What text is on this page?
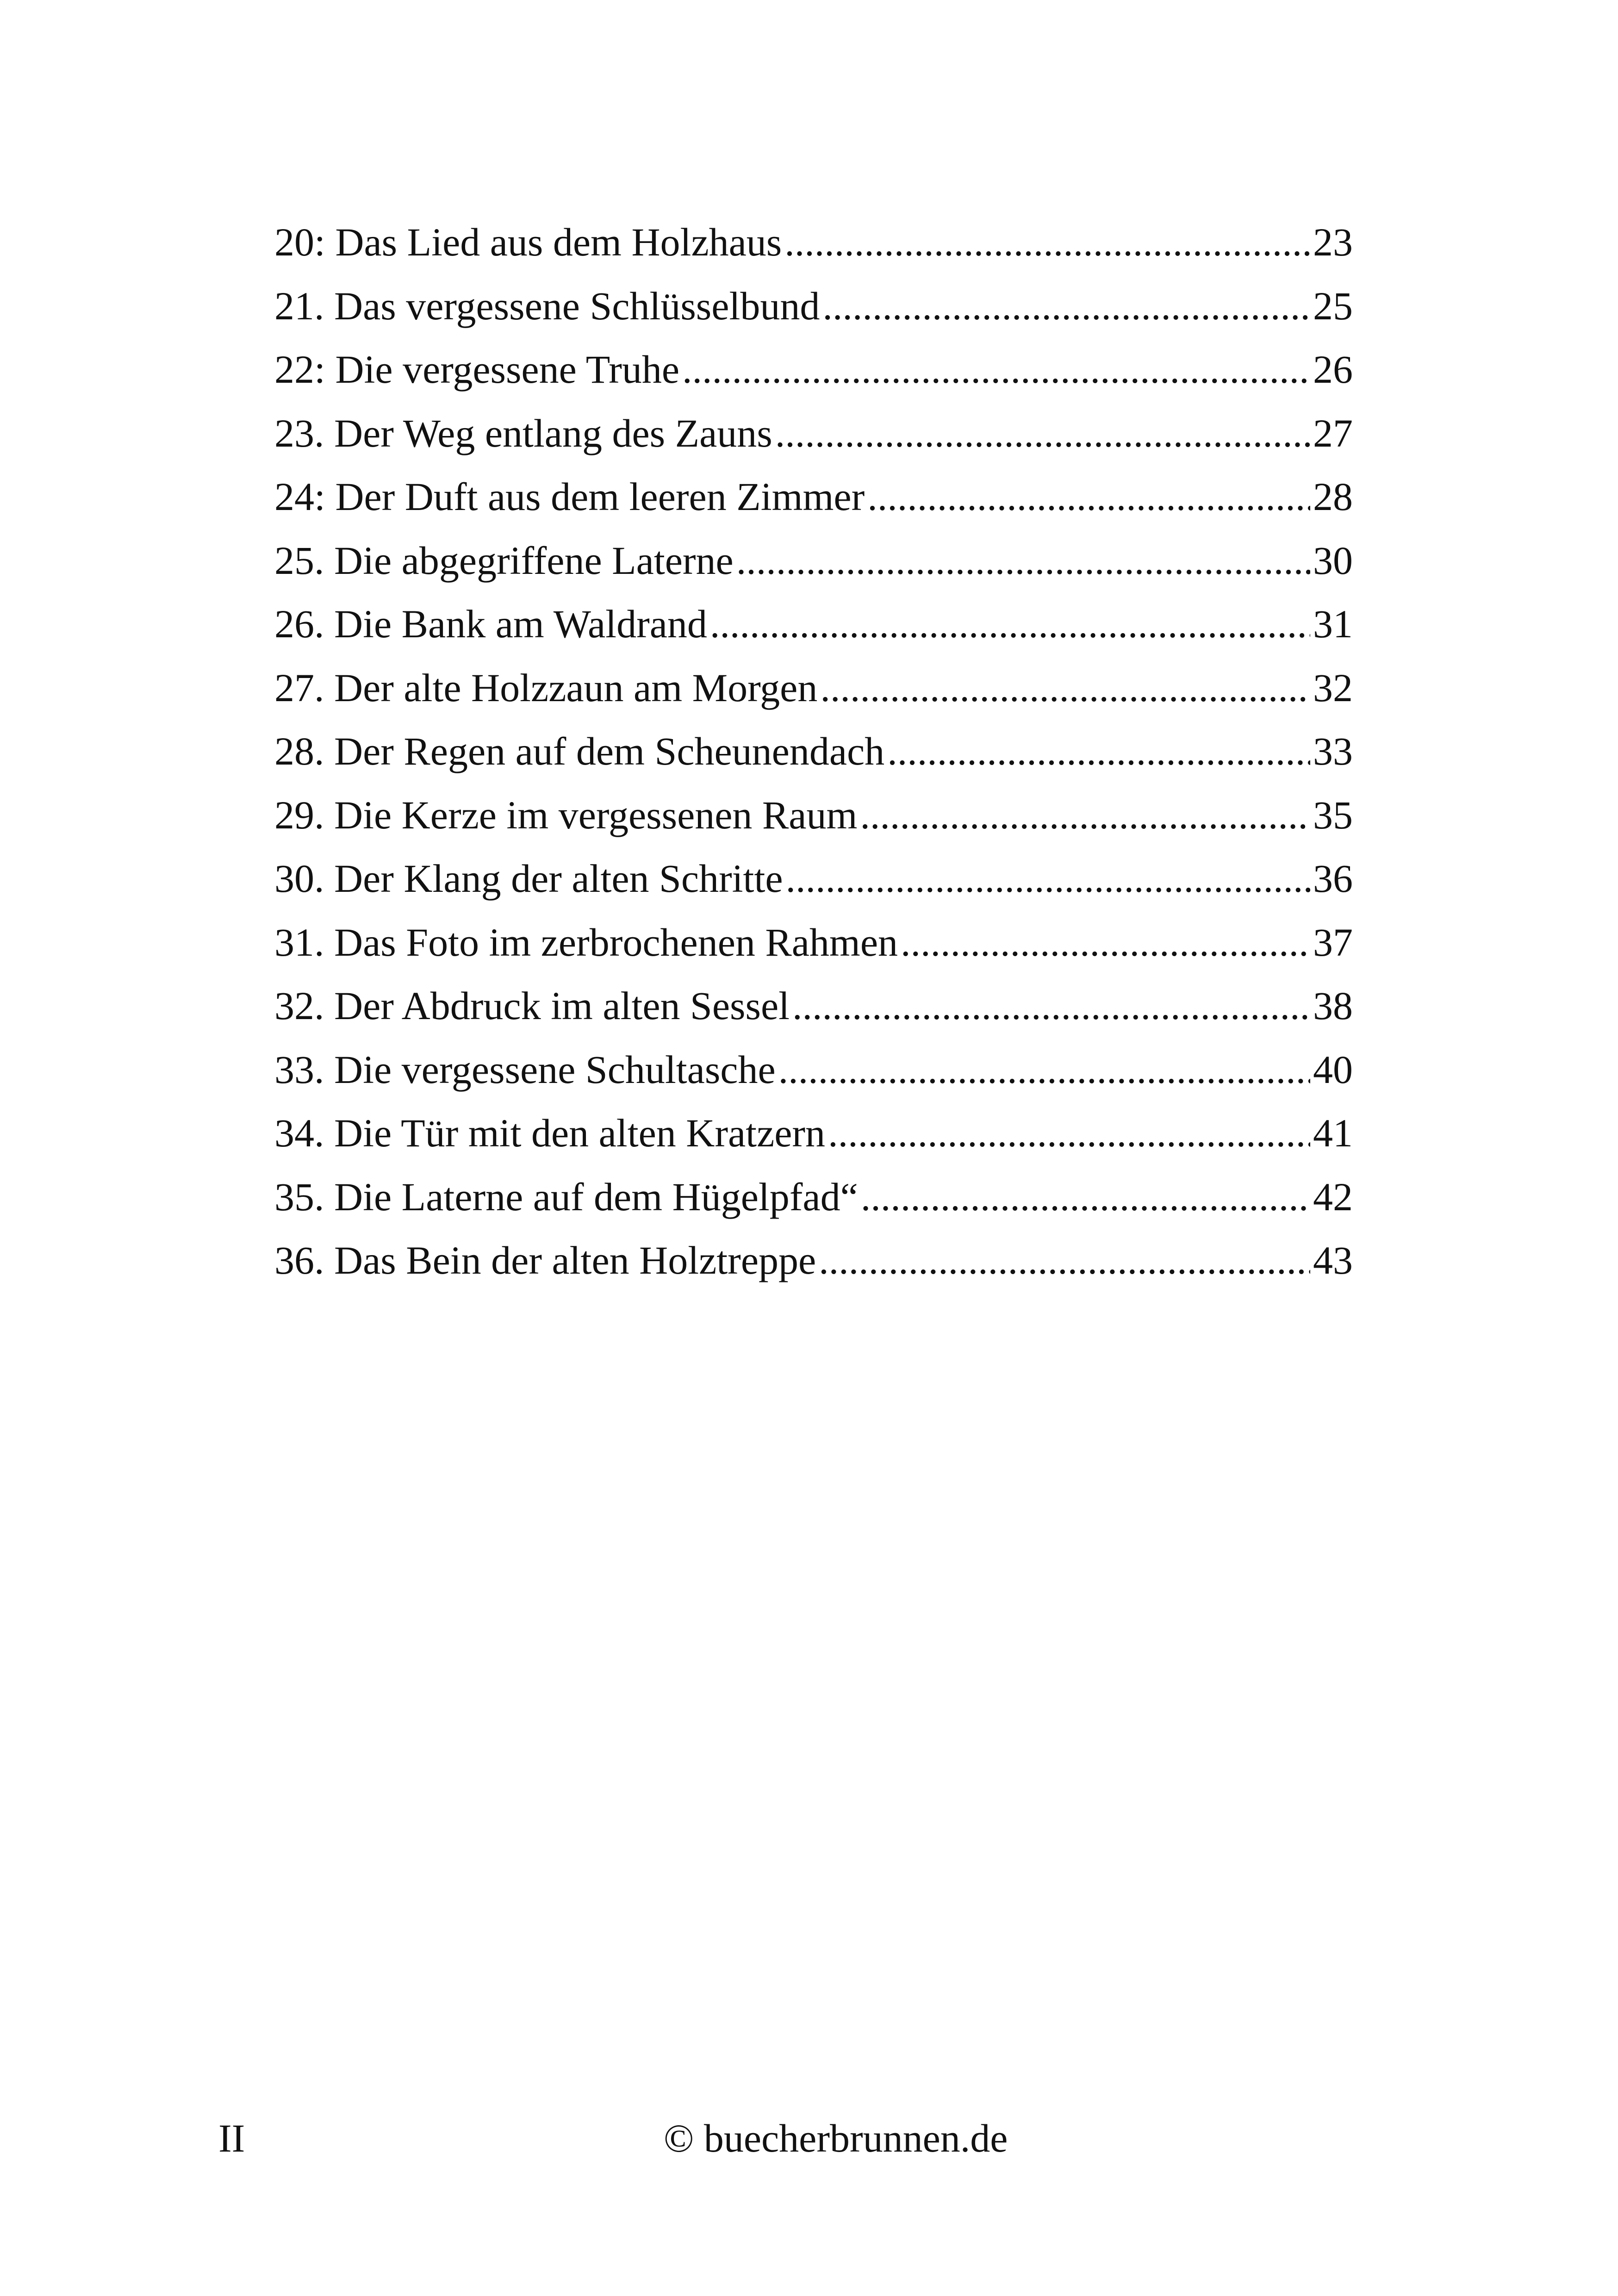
20: Das Lied aus dem Holzhaus .....	23
21. Das vergessene Schlüsselbund .....	25
22: Die vergessene Truhe .....	26
23. Der Weg entlang des Zauns .....	27
24: Der Duft aus dem leeren Zimmer .....	28
25. Die abgegriffene Laterne .....	30
26. Die Bank am Waldrand .....	31
27. Der alte Holzzaun am Morgen .....	32
28. Der Regen auf dem Scheunendach .....	33
29. Die Kerze im vergessenen Raum .....	35
30. Der Klang der alten Schritte .....	36
31. Das Foto im zerbrochenen Rahmen .....	37
32. Der Abdruck im alten Sessel .....	38
33. Die vergessene Schultasche .....	40
34. Die Tür mit den alten Kratzern .....	41
35. Die Laterne auf dem Hügelpfad“ .....	42
36. Das Bein der alten Holztreppe .....	43
II	© buecherbrunnen.de
